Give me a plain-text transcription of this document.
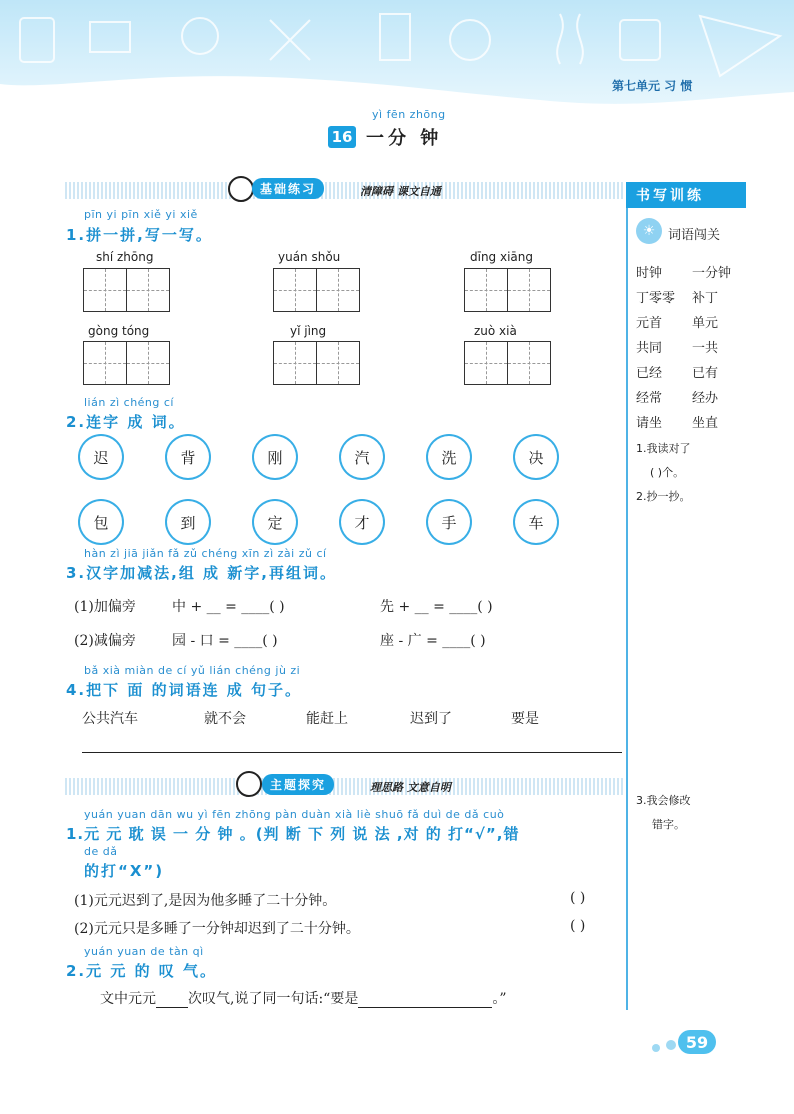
第七单元 习 惯
yì fēn zhōng
16 一分 钟
基础练习	清障碍 课文自通	书写训练
☀ 词语闯关
时钟	一分钟
丁零零 补丁
元首	单元
共同	一共
已经	已有
经常	经办
请坐	坐直
1.我读对了
( )个。
2.抄一抄。
3.我会修改
错字。
pīn yi pīn xiě yi xiě
1.拼一拼,写一写。
shí zhōng	yuán shǒu	dīng xiāng
gòng tóng	yǐ jìng	zuò xià
lián zì chéng cí
2.连字 成 词。
迟	背	刚	汽	洗	决
包	到	定	才	手	车
hàn zì jiā jiǎn fǎ zǔ chéng xīn zì zài zǔ cí
3.汉字加减法,组 成 新字,再组词。
(1)加偏旁	中 + __ = ____( )	先 + __ = ____( )
(2)减偏旁	园 - 口 = ____( )	座 - 广 = ____( )
bǎ xià miàn de cí yǔ lián chéng jù zi
4.把下 面 的词语连 成 句子。
公共汽车	就不会	能赶上	迟到了	要是
主题探究	理思路 文意自明
yuán yuan dān wu yì fēn zhōng pàn duàn xià liè shuō fǎ duì de dǎ cuò
1.元 元 耽 误 一 分 钟 。(判 断 下 列 说 法 ,对 的 打“√”,错
de dǎ
的打“X”)
(1)元元迟到了,是因为他多睡了二十分钟。	( )
(2)元元只是多睡了一分钟却迟到了二十分钟。	( )
yuán yuan de tàn qì
2.元 元 的 叹 气。
文中元元 次叹气,说了同一句话:“要是	。”
59
